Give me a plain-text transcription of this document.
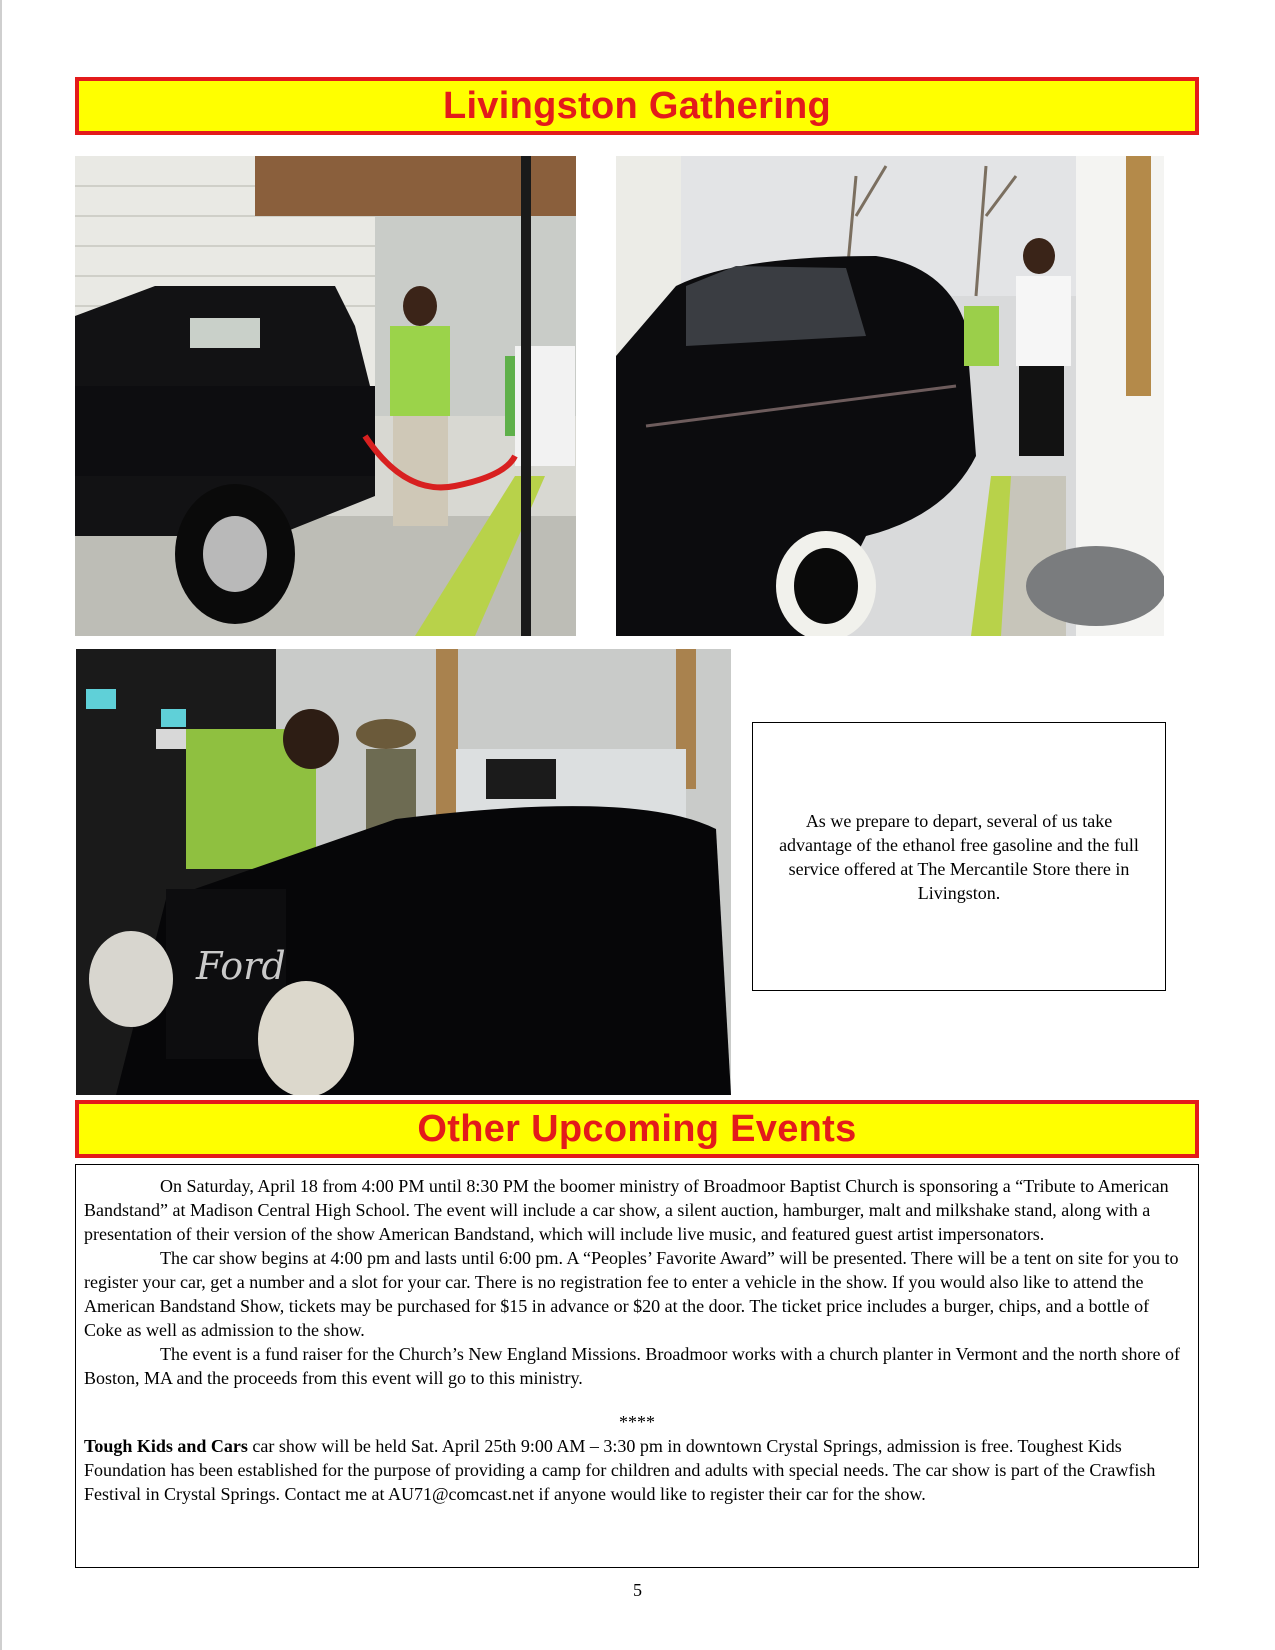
Livingston Gathering
Ford
As we prepare to depart, several of us take advantage of the ethanol free gasoline and the full service offered at The Mercantile Store there in Livingston.
Other Upcoming Events

On Saturday, April 18 from 4:00 PM until 8:30 PM the boomer ministry of Broadmoor Baptist Church is sponsoring a “Tribute to American Bandstand” at Madison Central High School. The event will include a car show, a silent auction, hamburger, malt and milkshake stand, along with a presentation of their version of the show American Bandstand, which will include live music, and featured guest artist impersonators.

The car show begins at 4:00 pm and lasts until 6:00 pm. A “Peoples’ Favorite Award” will be presented. There will be a tent on site for you to register your car, get a number and a slot for your car. There is no registration fee to enter a vehicle in the show. If you would also like to attend the American Bandstand Show, tickets may be purchased for $15 in advance or $20 at the door. The ticket price includes a burger, chips, and a bottle of Coke as well as admission to the show.

The event is a fund raiser for the Church’s New England Missions. Broadmoor works with a church planter in Vermont and the north shore of Boston, MA and the proceeds from this event will go to this ministry.

****

Tough Kids and Cars car show will be held Sat. April 25th 9:00 AM – 3:30 pm in downtown Crystal Springs, admission is free. Toughest Kids Foundation has been established for the purpose of providing a camp for children and adults with special needs. The car show is part of the Crawfish Festival in Crystal Springs. Contact me at AU71@comcast.net if anyone would like to register their car for the show.

5
